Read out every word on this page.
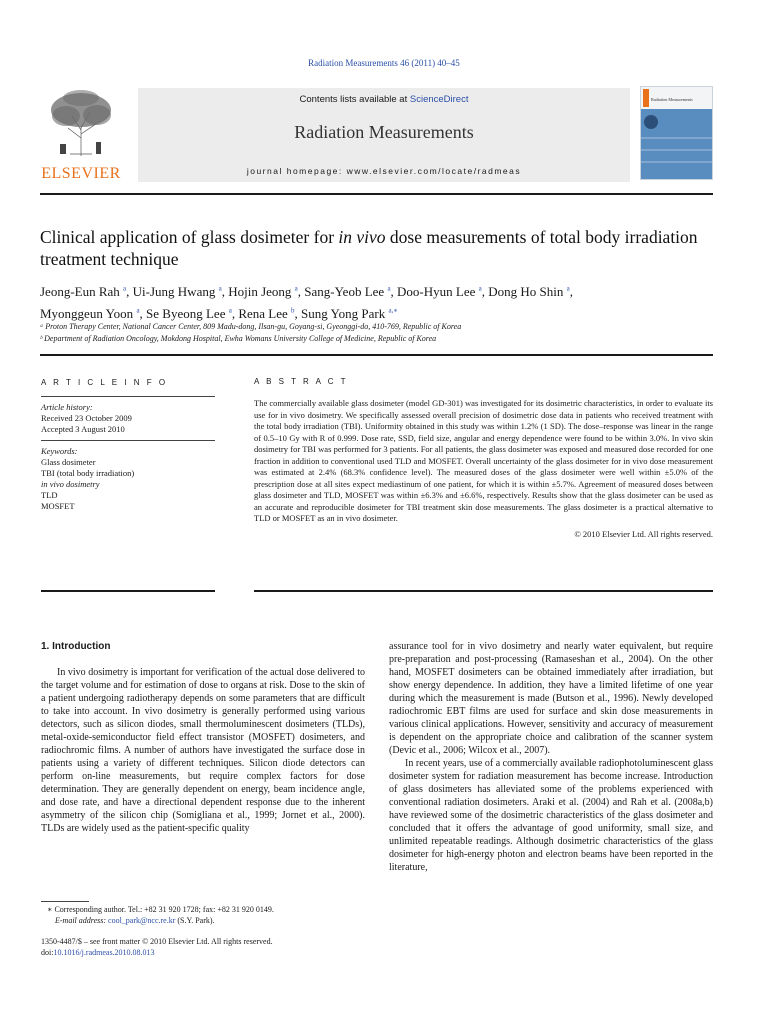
Radiation Measurements 46 (2011) 40–45
ELSEVIER
Contents lists available at ScienceDirect
Radiation Measurements
journal homepage: www.elsevier.com/locate/radmeas
Radiation Measurements
Clinical application of glass dosimeter for in vivo dose measurements of total body irradiation treatment technique
Jeong-Eun Rah $^a$, Ui-Jung Hwang $^a$, Hojin Jeong $^a$, Sang-Yeob Lee $^a$, Doo-Hyun Lee $^a$, Dong Ho Shin $^a$,
Myonggeun Yoon $^a$, Se Byeong Lee $^a$, Rena Lee $^b$, Sung Yong Park $^{a,∗}$
ᵃ Proton Therapy Center, National Cancer Center, 809 Madu-dong, Ilsan-gu, Goyang-si, Gyeonggi-do, 410-769, Republic of Korea
ᵇ Department of Radiation Oncology, Mokdong Hospital, Ewha Womans University College of Medicine, Republic of Korea
A R T I C L E I N F O
Article history:
Received 23 October 2009
Accepted 3 August 2010
Keywords:
Glass dosimeter
TBI (total body irradiation)
in vivo dosimetry
TLD
MOSFET
A B S T R A C T
The commercially available glass dosimeter (model GD-301) was investigated for its dosimetric characteristics, in order to evaluate its use for in vivo dosimetry. We specifically assessed overall precision of dosimetric dose data in patients who received treatment with the total body irradiation (TBI). Uniformity obtained in this study was within 1.2% (1 SD). The dose–response was linear in the range of 0.5–10 Gy with R of 0.999. Dose rate, SSD, field size, angular and energy dependence were found to be within 3.0%. In vivo skin dosimetry for TBI was performed for 3 patients. For all patients, the glass dosimeter was exposed and measured dose recorded for one fraction in addition to conventional used TLD and MOSFET. Overall uncertainty of the glass dosimeter for in vivo dose measurement was estimated at 2.4% (68.3% confidence level). The measured doses of the glass dosimeter were well within ±5.0% of the prescription dose at all sites expect mediastinum of one patient, for which it is within ±5.7%. Agreement of measured doses between glass dosimeter and TLD, MOSFET was within ±6.3% and ±6.6%, respectively. Results show that the glass dosimeter can be used as an accurate and reproducible dosimeter for TBI treatment skin dose measurements. The glass dosimeter is a practical alternative to TLD or MOSFET as an in vivo dosimeter.
© 2010 Elsevier Ltd. All rights reserved.
1. Introduction

In vivo dosimetry is important for verification of the actual dose delivered to the target volume and for estimation of dose to organs at risk. Dose to the skin of a patient undergoing radiotherapy depends on some parameters that are difficult to take into account. In vivo dosimetry is generally performed using various detectors, such as silicon diodes, small thermoluminescent dosimeters (TLDs), metal-oxide-semiconductor field effect transistor (MOSFET) dosimeters, and radiochromic films. A number of authors have investigated the surface dose in patients using a variety of different techniques. Silicon diode detectors can perform on-line measurements, but require complex factors for dose determination. They are generally dependent on energy, beam incidence angle, and dose rate, and have a directional dependent response due to the inherent asymmetry of the silicon chip (Somigliana et al., 1999; Jornet et al., 2000). TLDs are widely used as the patient-specific quality

assurance tool for in vivo dosimetry and nearly water equivalent, but require pre-preparation and post-processing (Ramaseshan et al., 2004). On the other hand, MOSFET dosimeters can be obtained immediately after irradiation, but show energy dependence. In addition, they have a limited lifetime of one year during which the measurement is made (Butson et al., 1996). Newly developed radiochromic EBT films are used for surface and skin dose measurements in various clinical applications. However, sensitivity and accuracy of measurement is dependent on the appropriate choice and calibration of the scanner system (Devic et al., 2006; Wilcox et al., 2007).

In recent years, use of a commercially available radiophotoluminescent glass dosimeter system for radiation measurement has become increase. Introduction of glass dosimeters has alleviated some of the problems experienced with conventional radiation dosimeters. Araki et al. (2004) and Rah et al. (2008a,b) have reviewed some of the dosimetric characteristics of the glass dosimeter and concluded that it offers the advantage of good uniformity, small size, and unlimited repeatable readings. Although dosimetric characteristics of the glass dosimeter for high-energy photon and electron beams have been reported in the literature,

∗ Corresponding author. Tel.: +82 31 920 1728; fax: +82 31 920 0149.
E-mail address: cool_park@ncc.re.kr (S.Y. Park).
1350-4487/$ – see front matter © 2010 Elsevier Ltd. All rights reserved.
doi:10.1016/j.radmeas.2010.08.013
